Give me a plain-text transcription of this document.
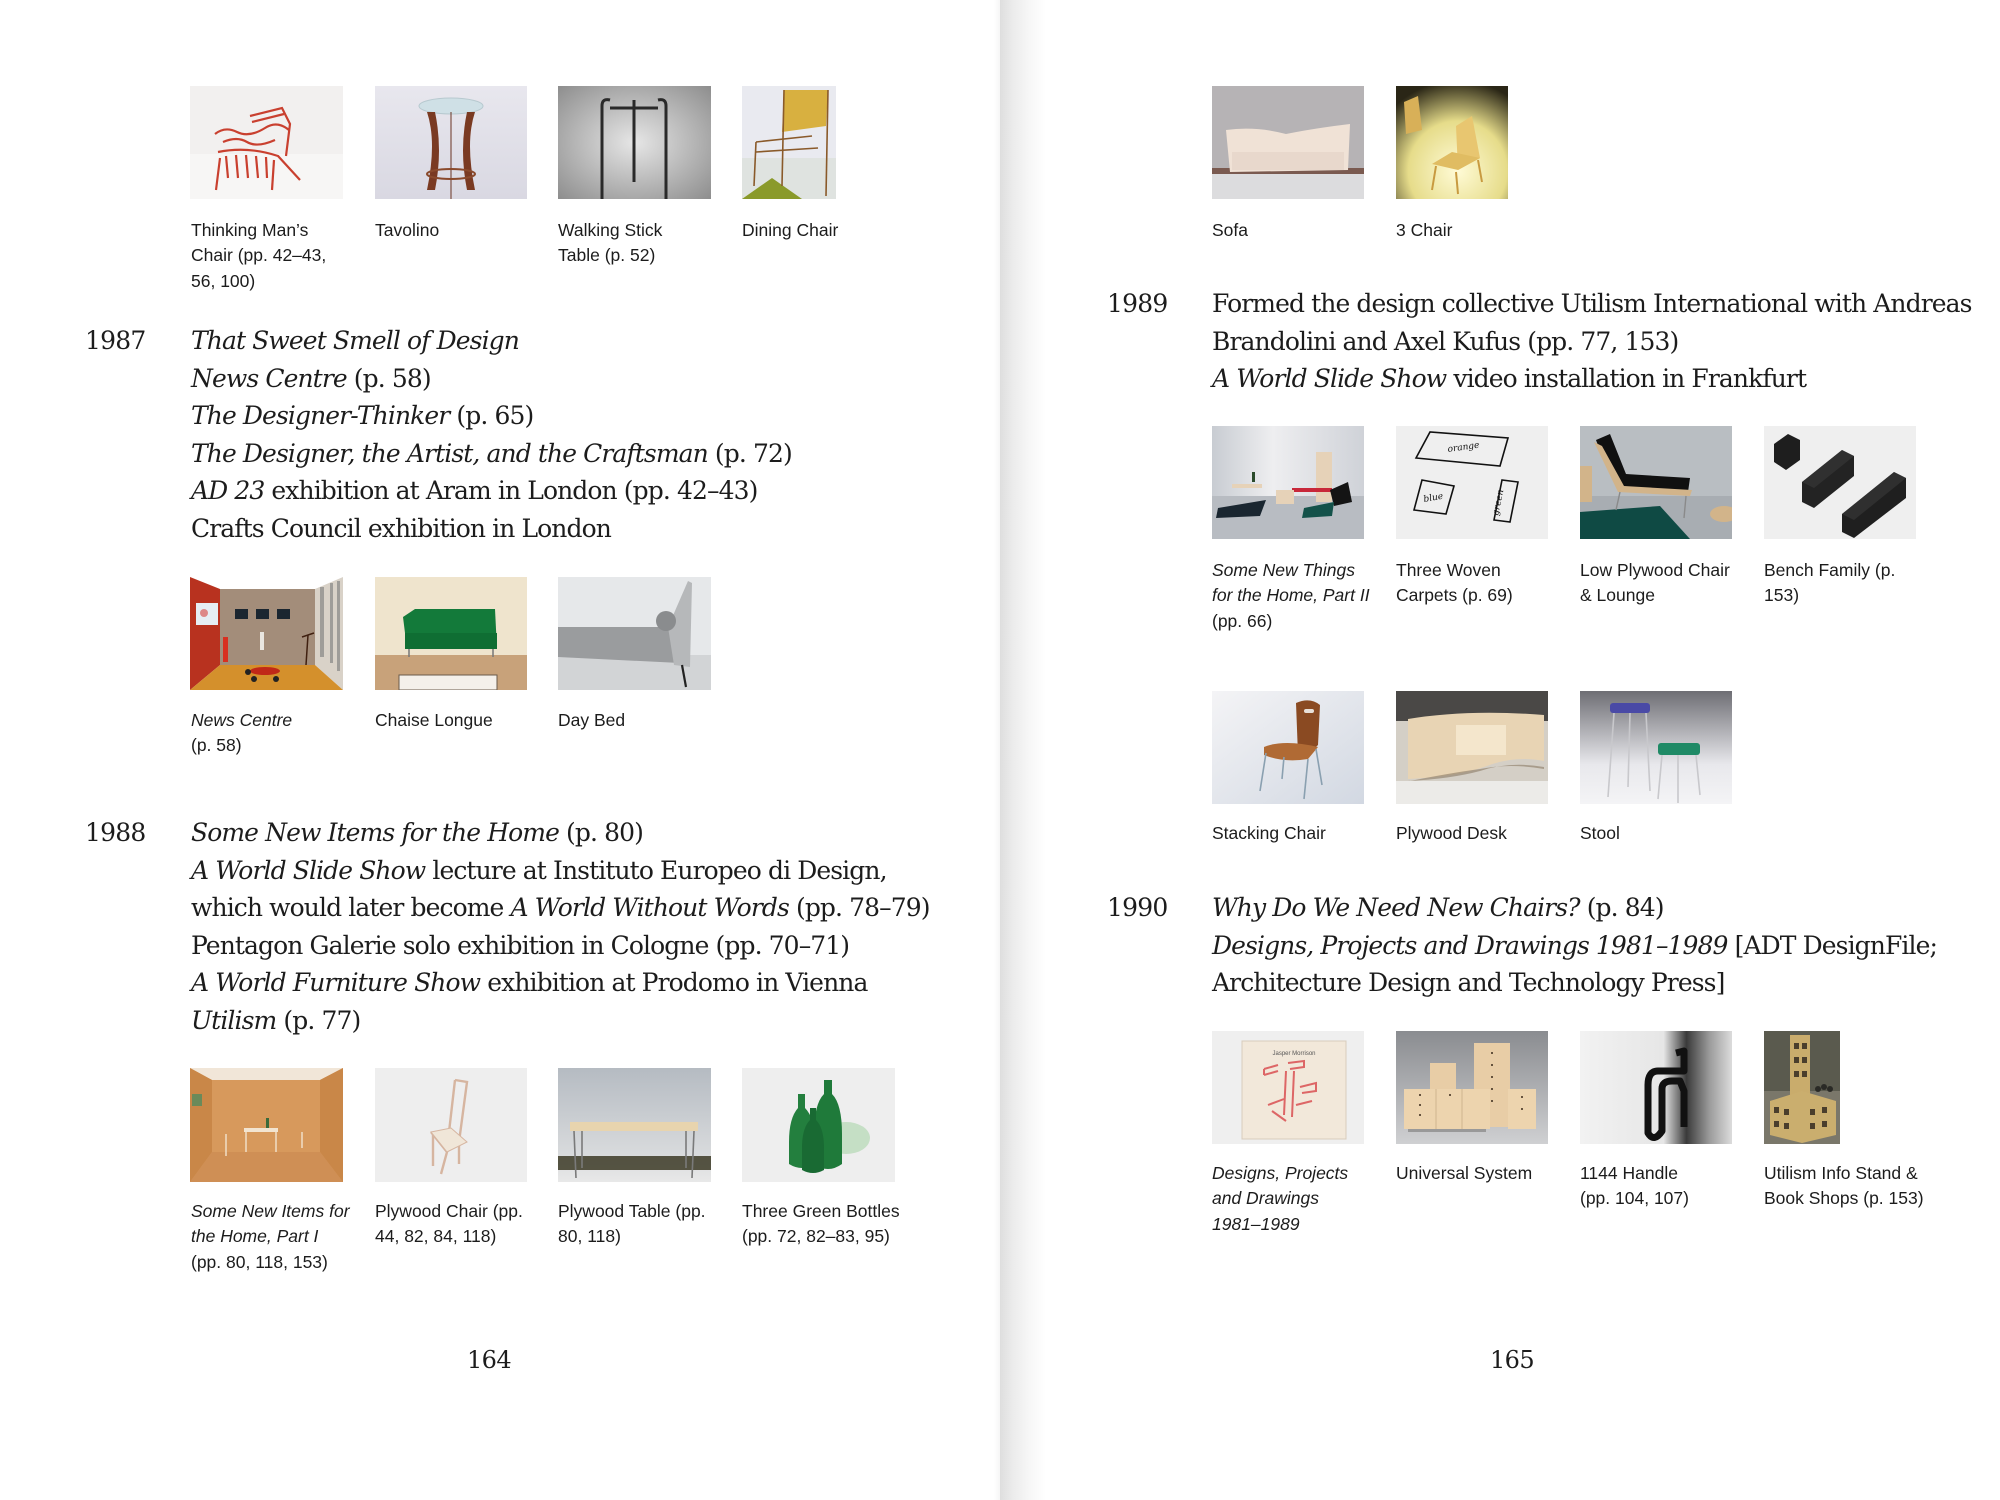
Thinking Man’s Chair (pp. 42–43, 56, 100)
Tavolino	Walking Stick Table (p. 52)
Dining Chair
1987 That Sweet Smell of Design
News Centre (p. 58)
The Designer-Thinker (p. 65)
The Designer, the Artist, and the Craftsman (p. 72)
AD 23 exhibition at Aram in London (pp. 42–43)
Crafts Council exhibition in London
News Centre
(p. 58)
Chaise Longue	Day Bed
1988 Some New Items for the Home (p. 80)
A World Slide Show lecture at Instituto Europeo di Design,
which would later become A World Without Words (pp. 78–79)
Pentagon Galerie solo exhibition in Cologne (pp. 70–71)
A World Furniture Show exhibition at Prodomo in Vienna
Utilism (p. 77)
Some New Items for the Home, Part I (pp. 80, 118, 153)
Plywood Chair (pp. 44, 82, 84, 118)
Plywood Table (pp. 80, 118)
Three Green Bottles (pp. 72, 82–83, 95)
164
Sofa	3 Chair
1989 Formed the design collective Utilism International with Andreas
Brandolini and Axel Kufus (pp. 77, 153)
A World Slide Show video installation in Frankfurt
orange
blue	green
Some New Things for the Home, Part II (pp. 66)
Three Woven Carpets (p. 69)
Low Plywood Chair & Lounge
Bench Family (p. 153)
Stacking Chair	Plywood Desk	Stool
1990 Why Do We Need New Chairs? (p. 84)
Designs, Projects and Drawings 1981–1989 [ADT DesignFile;
Architecture Design and Technology Press]
Jasper Morrison
Designs, Projects and Drawings 1981–1989
Universal System	1144 Handle
(pp. 104, 107)
Utilism Info Stand & Book Shops (p. 153)
165
